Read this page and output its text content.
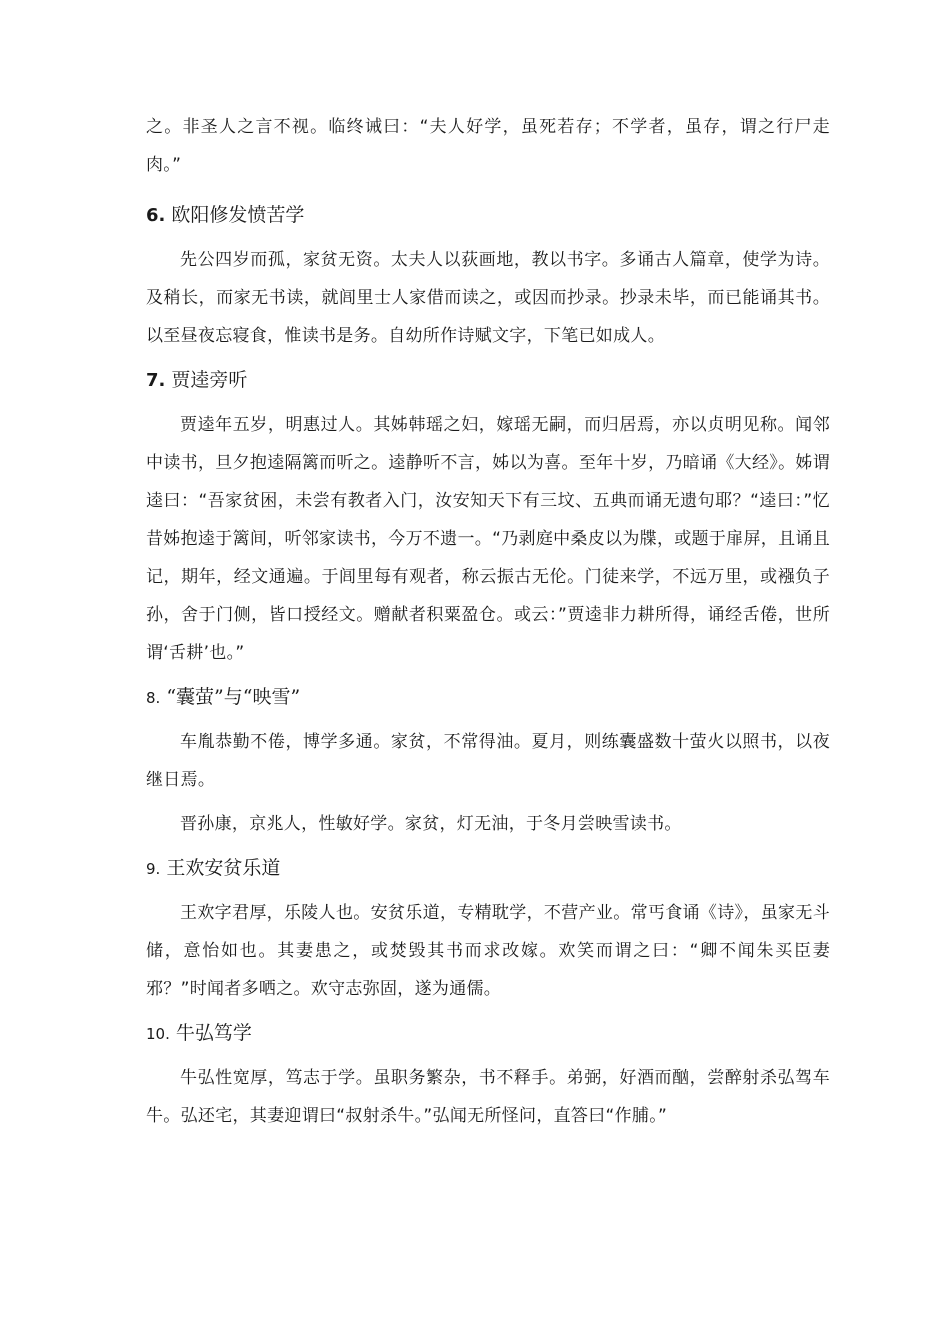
之。非圣人之言不视。临终诫曰：“夫人好学，虽死若存；不学者，虽存，谓之行尸走肉。”

6. 欧阳修发愤苦学

先公四岁而孤，家贫无资。太夫人以荻画地，教以书字。多诵古人篇章，使学为诗。及稍长，而家无书读，就闾里士人家借而读之，或因而抄录。抄录未毕，而已能诵其书。以至昼夜忘寝食，惟读书是务。自幼所作诗赋文字，下笔已如成人。

7. 贾逵旁听

贾逵年五岁，明惠过人。其姊韩瑶之妇，嫁瑶无嗣，而归居焉，亦以贞明见称。闻邻中读书，旦夕抱逵隔篱而听之。逵静听不言，姊以为喜。至年十岁，乃暗诵《大经》。姊谓逵曰：“吾家贫困，未尝有教者入门，汝安知天下有三坟、五典而诵无遗句耶？“逵曰：”忆昔姊抱逵于篱间，听邻家读书，今万不遗一。“乃剥庭中桑皮以为牒，或题于扉屏，且诵且记，期年，经文通遍。于闾里每有观者，称云振古无伦。门徒来学，不远万里，或襁负子孙，舍于门侧，皆口授经文。赠献者积粟盈仓。或云：”贾逵非力耕所得，诵经舌倦，世所谓‘舌耕’也。”

8. “囊萤”与“映雪”

车胤恭勤不倦，博学多通。家贫，不常得油。夏月，则练囊盛数十萤火以照书，以夜继日焉。

晋孙康，京兆人，性敏好学。家贫，灯无油，于冬月尝映雪读书。

9. 王欢安贫乐道

王欢字君厚，乐陵人也。安贫乐道，专精耽学，不营产业。常丐食诵《诗》，虽家无斗储，意怡如也。其妻患之，或焚毁其书而求改嫁。欢笑而谓之曰：“卿不闻朱买臣妻邪？”时闻者多哂之。欢守志弥固，遂为通儒。

10. 牛弘笃学

牛弘性宽厚，笃志于学。虽职务繁杂，书不释手。弟弼，好酒而酗，尝醉射杀弘驾车牛。弘还宅，其妻迎谓曰“叔射杀牛。”弘闻无所怪问，直答曰“作脯。”
